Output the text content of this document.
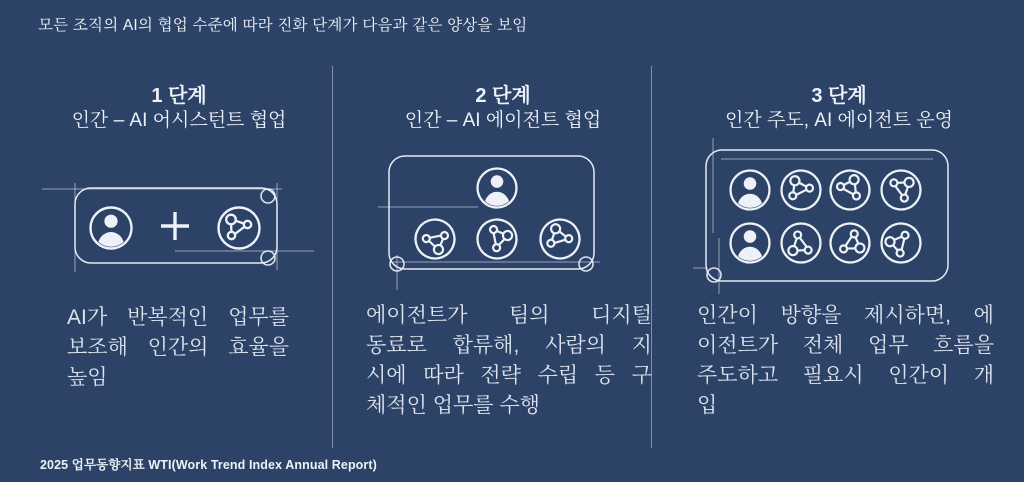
모든 조직의 AI의 협업 수준에 따라 진화 단계가 다음과 같은 양상을 보임
1 단계
인간 – AI 어시스턴트 협업
2 단계
인간 – AI 에이전트 협업
3 단계
인간 주도, AI 에이전트 운영
AI가 반복적인 업무를
보조해 인간의 효율을
높임
에이전트가 팀의 디지털
동료로 합류해, 사람의 지
시에 따라 전략 수립 등 구
체적인 업무를 수행
인간이 방향을 제시하면, 에
이전트가 전체 업무 흐름을
주도하고 필요시 인간이 개
입
2025 업무동향지표 WTI(Work Trend Index Annual Report)
